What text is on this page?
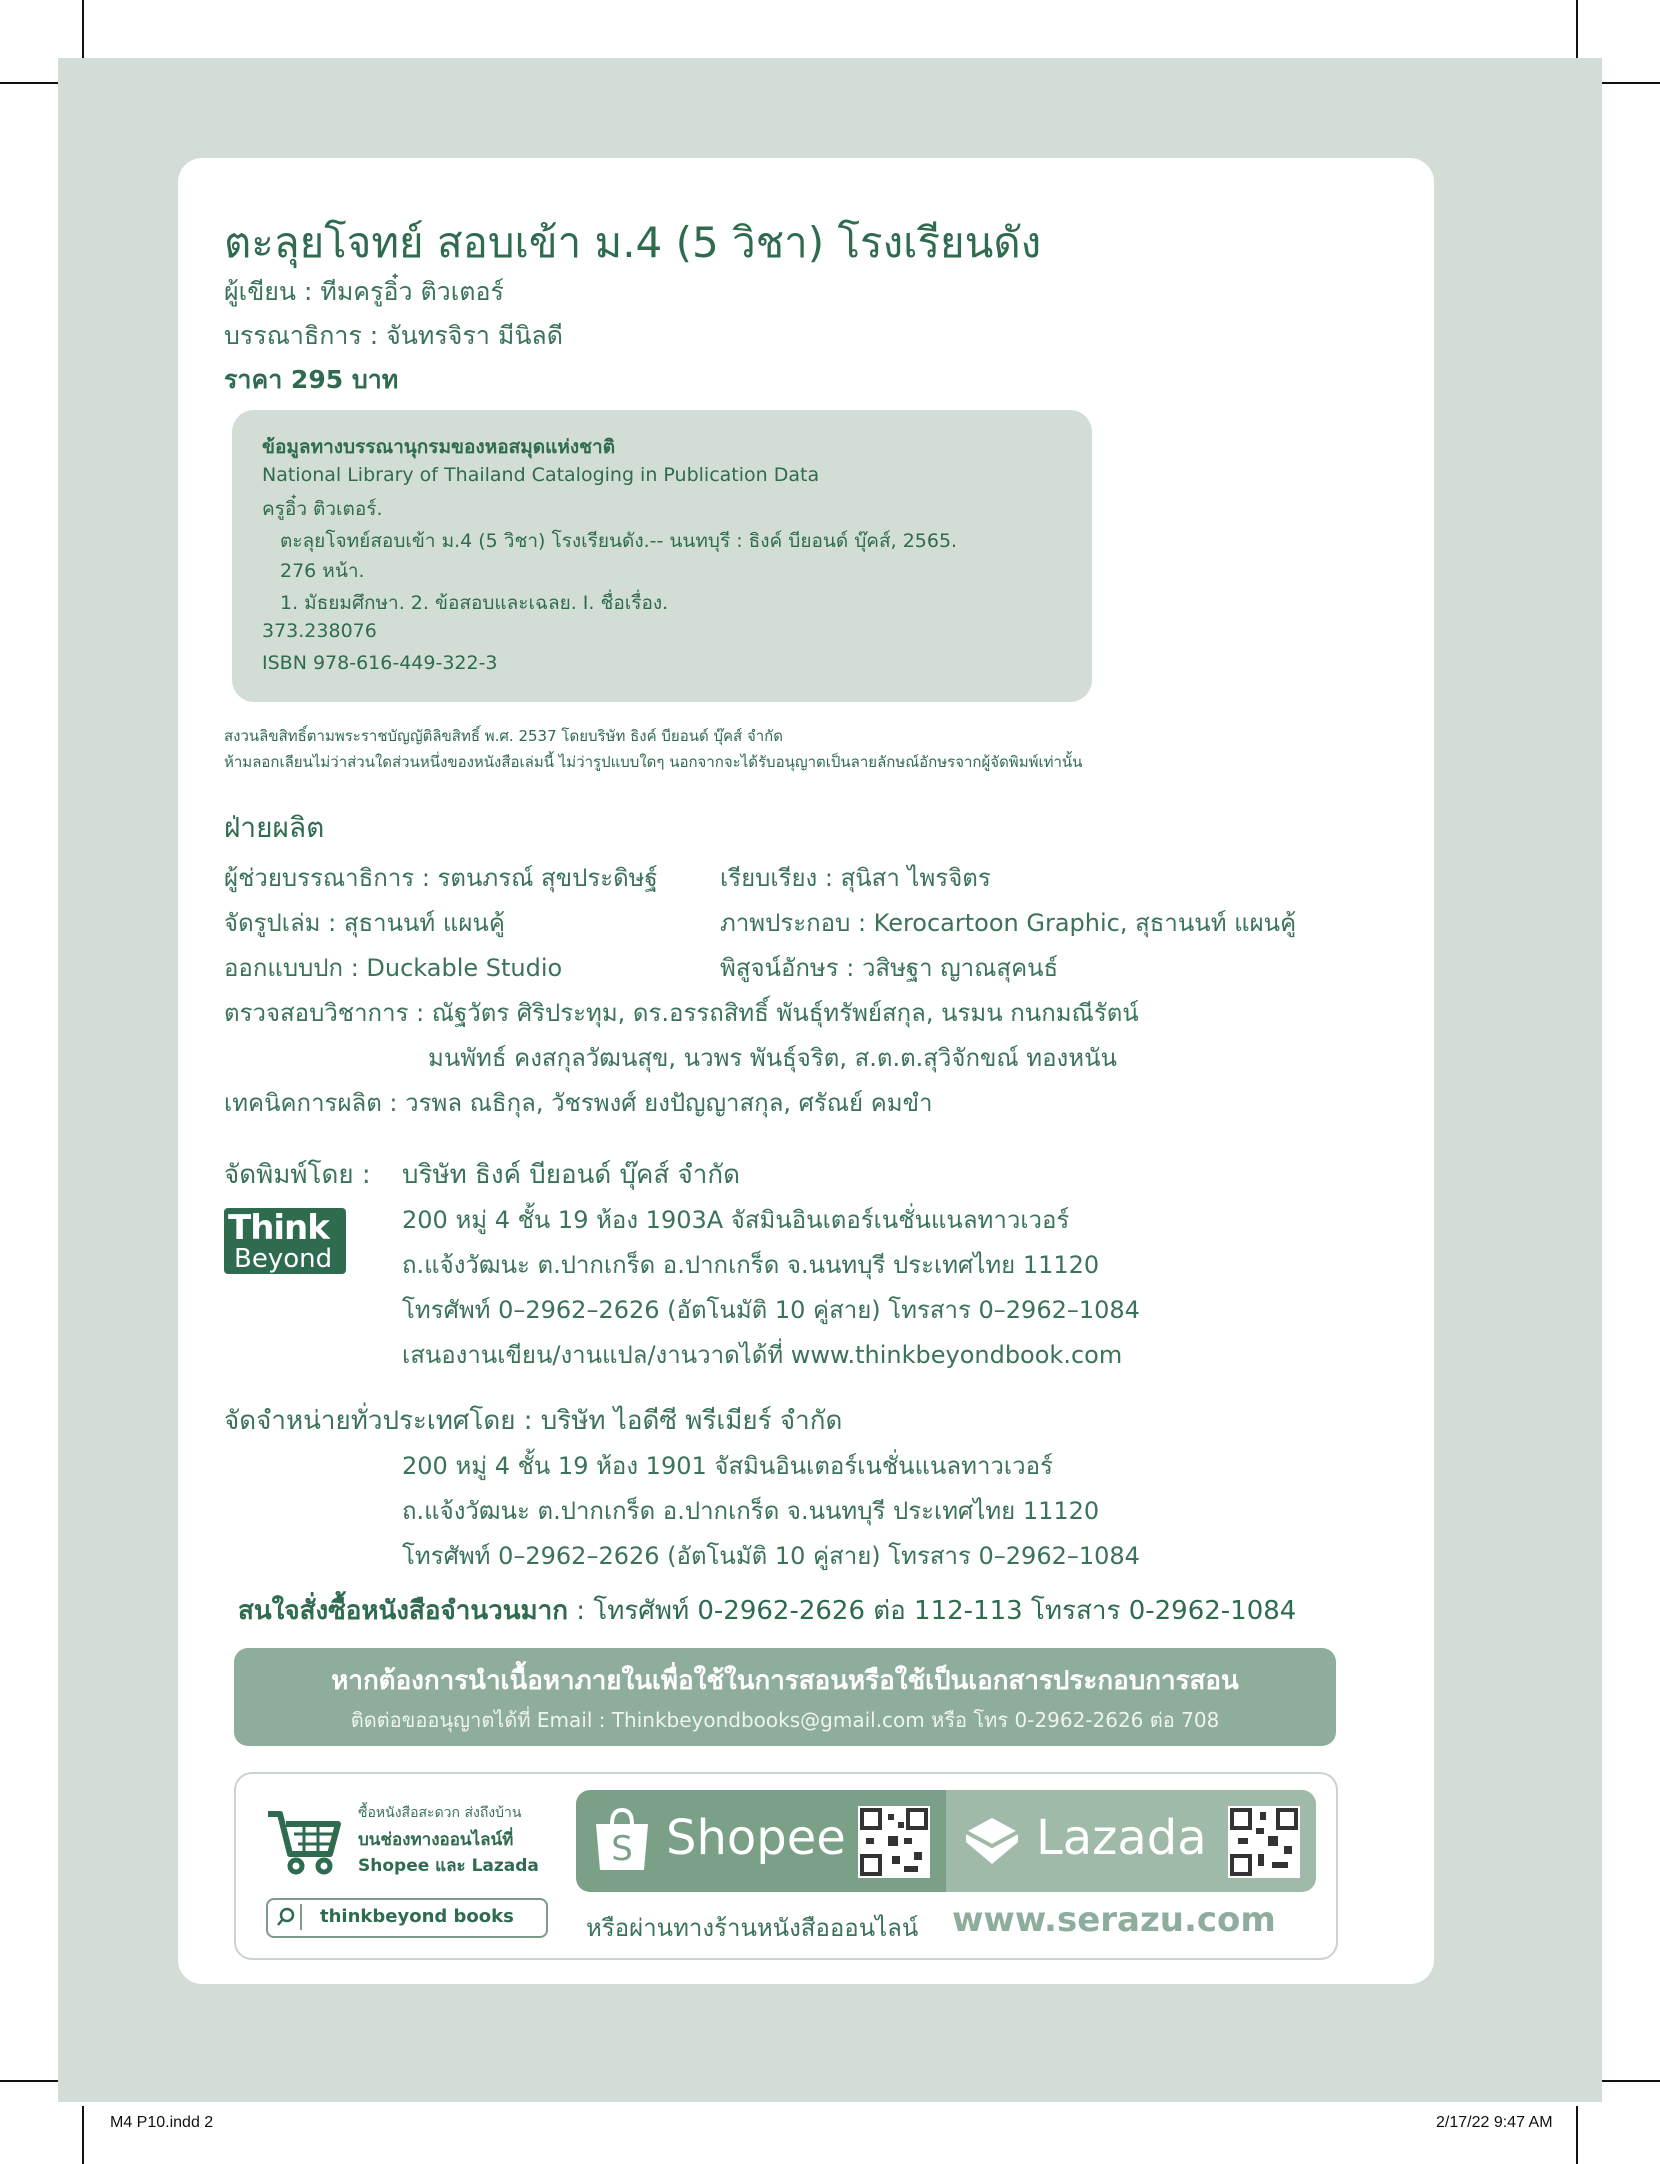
ตะลุยโจทย์ สอบเข้า ม.4 (5 วิชา) โรงเรียนดัง
ผู้เขียน : ทีมครูอิ๋ว ติวเตอร์
บรรณาธิการ : จันทรจิรา มีนิลดี
ราคา 295 บาท
ข้อมูลทางบรรณานุกรมของหอสมุดแห่งชาติ
National Library of Thailand Cataloging in Publication Data
ครูอิ๋ว ติวเตอร์.
ตะลุยโจทย์สอบเข้า ม.4 (5 วิชา) โรงเรียนดัง.-- นนทบุรี : ธิงค์ บียอนด์ บุ๊คส์, 2565.
276 หน้า.
1. มัธยมศึกษา. 2. ข้อสอบและเฉลย. I. ชื่อเรื่อง.
373.238076
ISBN 978-616-449-322-3
สงวนลิขสิทธิ์ตามพระราชบัญญัติลิขสิทธิ์ พ.ศ. 2537 โดยบริษัท ธิงค์ บียอนด์ บุ๊คส์ จำกัด
ห้ามลอกเลียนไม่ว่าส่วนใดส่วนหนึ่งของหนังสือเล่มนี้ ไม่ว่ารูปแบบใดๆ นอกจากจะได้รับอนุญาตเป็นลายลักษณ์อักษรจากผู้จัดพิมพ์เท่านั้น
ฝ่ายผลิต
ผู้ช่วยบรรณาธิการ : รตนภรณ์ สุขประดิษฐ์	เรียบเรียง : สุนิสา ไพรจิตร
จัดรูปเล่ม : สุธานนท์ แผนคู้	ภาพประกอบ : Kerocartoon Graphic, สุธานนท์ แผนคู้
ออกแบบปก : Duckable Studio	พิสูจน์อักษร : วสิษฐา ญาณสุคนธ์
ตรวจสอบวิชาการ : ณัฐวัตร ศิริประทุม, ดร.อรรถสิทธิ์ พันธุ์ทรัพย์สกุล, นรมน กนกมณีรัตน์
มนพัทธ์ คงสกุลวัฒนสุข, นวพร พันธุ์จริต, ส.ต.ต.สุวิจักขณ์ ทองหนัน
เทคนิคการผลิต : วรพล ณธิกุล, วัชรพงศ์ ยงปัญญาสกุล, ศรัณย์ คมขำ
จัดพิมพ์โดย : บริษัท ธิงค์ บียอนด์ บุ๊คส์ จำกัด
Think
Beyond
200 หมู่ 4 ชั้น 19 ห้อง 1903A จัสมินอินเตอร์เนชั่นแนลทาวเวอร์
ถ.แจ้งวัฒนะ ต.ปากเกร็ด อ.ปากเกร็ด จ.นนทบุรี ประเทศไทย 11120
โทรศัพท์ 0–2962–2626 (อัตโนมัติ 10 คู่สาย) โทรสาร 0–2962–1084
เสนองานเขียน/งานแปล/งานวาดได้ที่ www.thinkbeyondbook.com
จัดจำหน่ายทั่วประเทศโดย : บริษัท ไอดีซี พรีเมียร์ จำกัด
200 หมู่ 4 ชั้น 19 ห้อง 1901 จัสมินอินเตอร์เนชั่นแนลทาวเวอร์
ถ.แจ้งวัฒนะ ต.ปากเกร็ด อ.ปากเกร็ด จ.นนทบุรี ประเทศไทย 11120
โทรศัพท์ 0–2962–2626 (อัตโนมัติ 10 คู่สาย) โทรสาร 0–2962–1084
สนใจสั่งซื้อหนังสือจำนวนมาก : โทรศัพท์ 0-2962-2626 ต่อ 112-113 โทรสาร 0-2962-1084
หากต้องการนำเนื้อหาภายในเพื่อใช้ในการสอนหรือใช้เป็นเอกสารประกอบการสอน
ติดต่อขออนุญาตได้ที่ Email : Thinkbeyondbooks@gmail.com หรือ โทร 0-2962-2626 ต่อ 708
ซื้อหนังสือสะดวก ส่งถึงบ้าน
บนช่องทางออนไลน์ที่
Shopee และ Lazada
thinkbeyond books
S Shopee	Lazada
หรือผ่านทางร้านหนังสือออนไลน์ www.serazu.com
M4 P10.indd 2	2/17/22 9:47 AM
